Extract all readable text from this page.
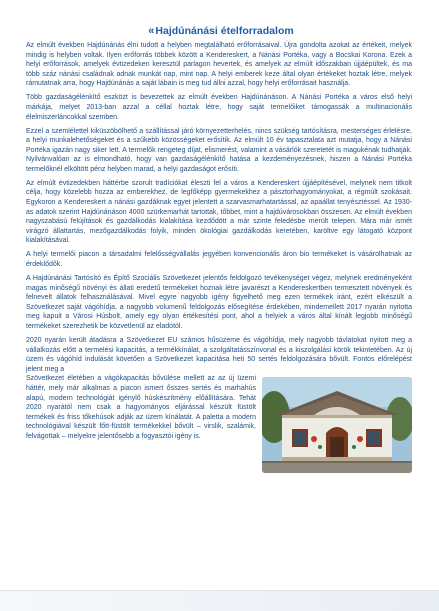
« Hajdúnánási ételforradalom

Az elmúlt években Hajdúnánás élni tudott a helyben megtalálható erőforrásaival. Újra gondolta azokat az értékeit, melyek mindig is helyben voltak. Ilyen erőforrás többek között a Kendereskert, a Nánási Portéka, vagy a Bocskai Korona. Ezek a helyi erőforrások, amelyek évtizedeken keresztül parlagon hevertek, és amelyek az elmúlt időszakban újjáépültek, és ma több száz nánási családnak adnak munkát nap, mint nap. A helyi emberek keze által olyan értékeket hoztak létre, melyek rámutatnak arra, hogy Hajdúnánás a saját lábain is meg tud állni azzal, hogy helyi erőforrásait használja.

Több gazdaságélénkítő eszközt is bevezettek az elmúlt években Hajdúnánáson. A Nánási Portéka a város első helyi márkája, melyet 2013-ban azzal a céllal hoztak létre, hogy saját termelőiket támogassák a multinacionális élelmiszerláncokkal szemben.

Ezzel a szemlélettel kiküszöbölhető a szállítással járó környezetterhelés, nincs szükség tartósításra, mesterséges érlelésre, a helyi munkalehetőségeket és a szűkebb közösségeket erősítik. Az elmúlt 10 év tapasztalata azt mutatja, hogy a Nánási Portéka igazán nagy siker lett. A termelők rengeteg díjat, elismerést, valamint a vásárlók szeretetét is magukénak tudhatják. Nyilvánvalóan az is elmondható, hogy van gazdaságélénkítő hatása a kezdeményezésnek, hiszen a Nánási Portéka termelőknél elköltött pénz helyben marad, a helyi gazdaságot erősíti.

Az elmúlt évtizedekben háttérbe szorult tradíciókat éleszti fel a város a Kendereskert újjáépítésével, melynek nem titkolt célja, hogy közelebb hozza az emberekhez, de legfőképp gyermekekhez a pásztorhagyományokat, a régmúlt szokásait. Egykoron a Kendereskert a nánási gazdáknak egyet jelentett a szarvasmarhatartással, az apaállat tenyésztéssel. Az 1930-as adatok szerint Hajdúnánáson 4000 szürkemarhát tartottak, tőbbet, mint a hajdúvárosokban összesen. Az elmúlt években nagyszabású felújítások és gazdálkodás kialakítása kezdődött a már szinte feledésbe merült telepen. Mára már ismét virágzó állattartás, mezőgazdálkodás folyik, minden ökológiai gazdálkodás keretében, karöltve egy látogató központ kialakításával.

A helyi termelői piacon a társadalmi felelősségvállalás jegyében konvencionális áron bio termékeket is vásárolhatnak az érdeklődők.

A Hajdúnánási Tartósító és Építő Szociális Szövetkezet jelentős feldolgozó tevékenységet végez, melynek eredményeként magas minőségű növényi és állati eredetű termékeket hoznak létre javarészt a Kendereskertben termesztett növények és felnevelt állatok felhasználásával. Mivel egyre nagyobb igény figyelhető meg ezen termékek iránt, ezért elkészült a Szövetkezet saját vágóhídja, a nagyobb volumenű feldolgozás elősegítése érdekében, mindemellett 2017 nyarán nyitotta meg kapuit a Városi Húsbolt, amely egy olyan értékesítési pont, ahol a helyiek a város által kínált legjobb minőségű termékeket szerezhetik be közvetlenül az eladótól.

2020 nyarán került átadásra a Szövetkezet EU számos hűsüzeme és vágóhídja, mely nagyobb távlatokat nyitott meg a vállalkozás előtt a termelési kapacitás, a termékkínálat, a szolgáltatásszínvonal és a kiszolgálási körök tekintetében. Az új üzem és vágóhíd indulását követően a Szövetkezet kapacitása heti 50 sertés feldolgozására bővült. Fontos előrelépést jelent meg a

Szövetkezet életében a vágókapacitás bővülése mellett az az új üzemi háttér, mely már alkalmas a piacon ismert ősszes sertés és marhahús alapú, modern technológiát igénylő húskészítmény előállítására. Tehát 2020 nyarától nem csak a hagyományos eljárással készült füstölt termékek és friss tőkehúsok adják az üzem kínálatát. A paletta a modern technológiával készült főtt-füstölt termékekkel bővült – virslik, szalámik, felvágottak – melyekre jelentősebb a fogyasztói igény is.
